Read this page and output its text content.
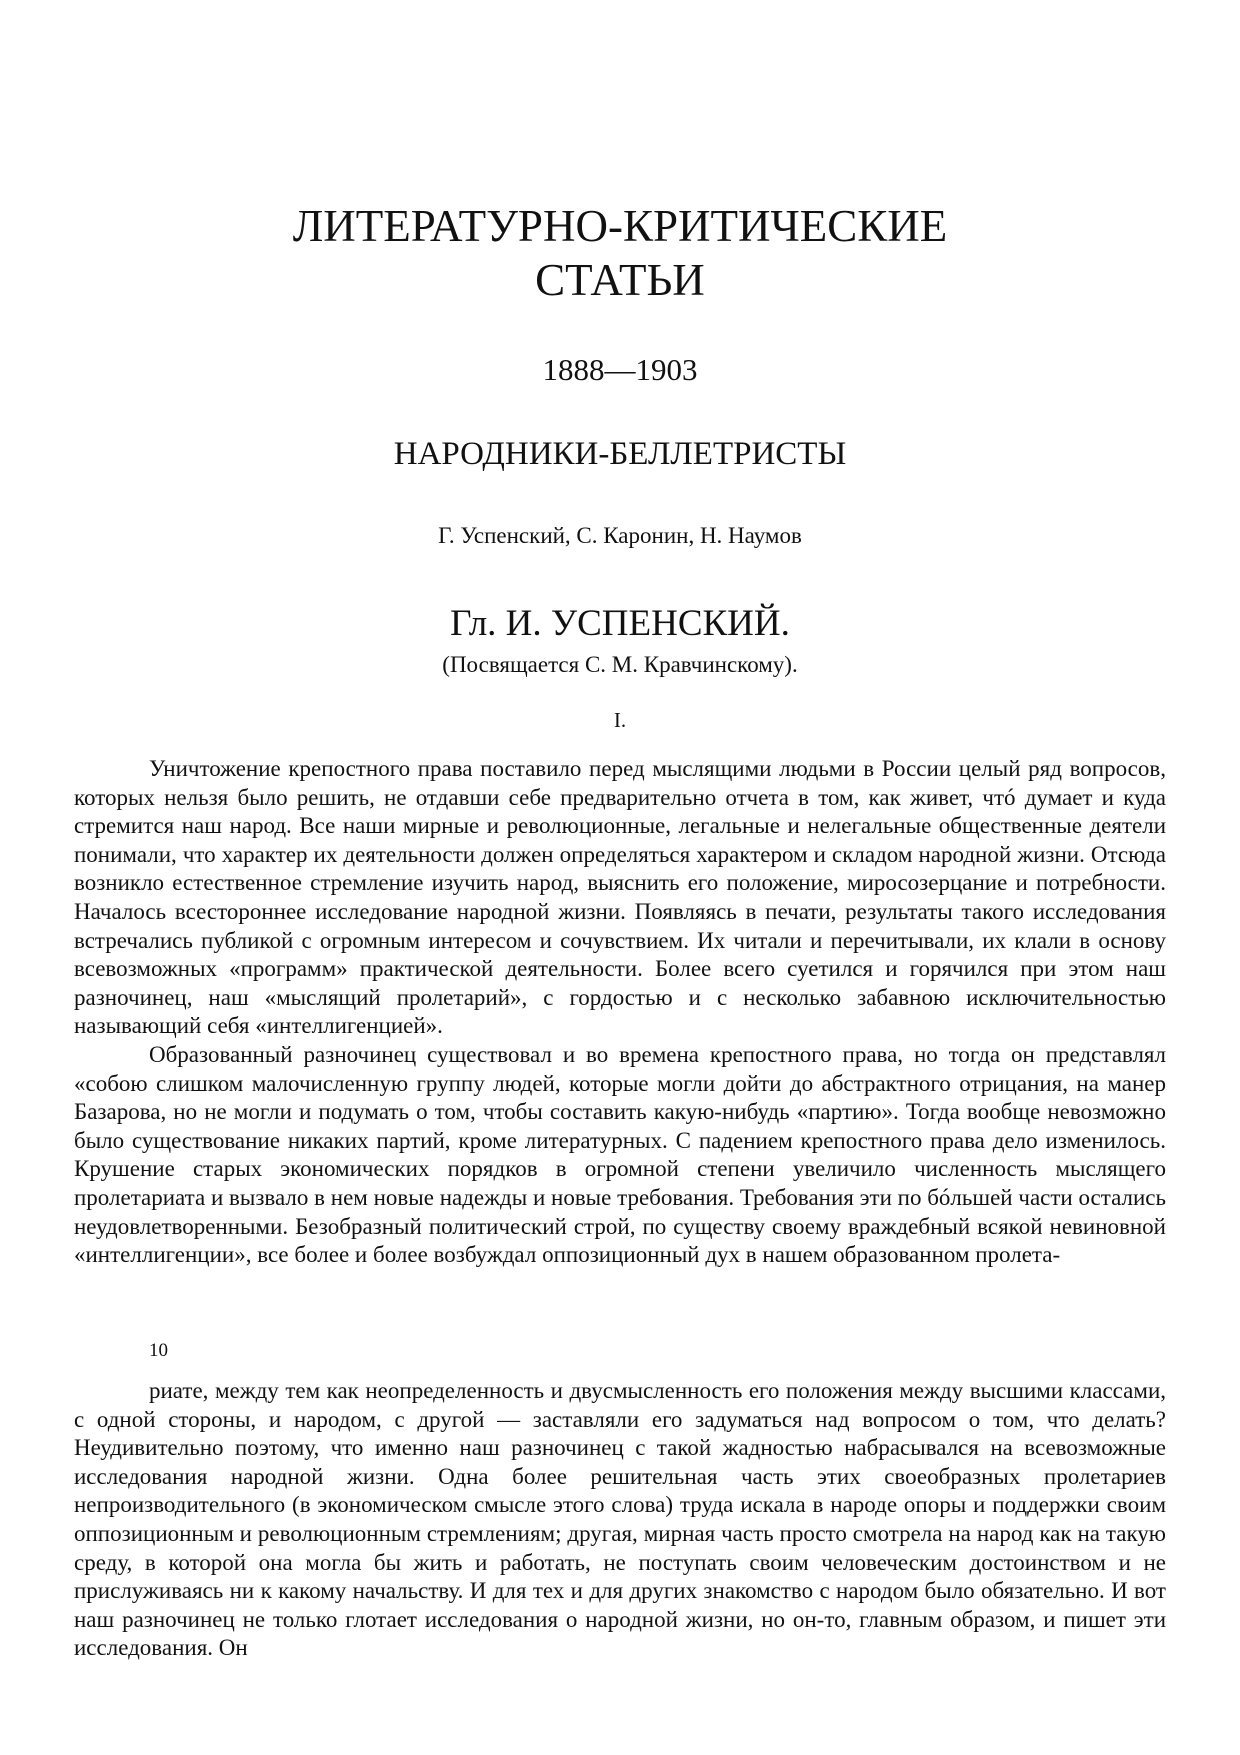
ЛИТЕРАТУРНО-КРИТИЧЕСКИЕ
СТАТЬИ
1888—1903
НАРОДНИКИ-БЕЛЛЕТРИСТЫ
Г. Успенский, С. Каронин, Н. Наумов
Гл. И. УСПЕНСКИЙ.
(Посвящается С. М. Кравчинскому).
I.

Уничтожение крепостного права поставило перед мыслящими людьми в России целый ряд вопросов, которых нельзя было решить, не отдавши себе предварительно отчета в том, как живет, чтó думает и куда стремится наш народ. Все наши мирные и революционные, легальные и нелегальные общественные деятели понимали, что характер их деятельности должен определяться характером и складом народной жизни. Отсюда возникло естественное стремление изучить народ, выяснить его положение, миросозерцание и потребности. Началось всестороннее исследование народной жизни. Появляясь в печати, результаты такого исследования встречались публикой с огромным интересом и сочувствием. Их читали и перечитывали, их клали в основу всевозможных «программ» практической деятельности. Более всего суетился и горячился при этом наш разночинец, наш «мыслящий пролетарий», с гордостью и с несколько забавною исключительностью называющий себя «интеллигенцией».

Образованный разночинец существовал и во времена крепостного права, но тогда он представлял «собою слишком малочисленную группу людей, которые могли дойти до абстрактного отрицания, на манер Базарова, но не могли и подумать о том, чтобы составить какую-нибудь «партию». Тогда вообще невозможно было существование никаких партий, кроме литературных. С падением крепостного права дело изменилось. Крушение старых экономических порядков в огромной степени увеличило численность мыслящего пролетариата и вызвало в нем новые надежды и новые требования. Требования эти по бóльшей части остались неудовлетворенными. Безобразный политический строй, по существу своему враждебный всякой невиновной «интеллигенции», все более и более возбуждал оппозиционный дух в нашем образованном пролета-

10

риате, между тем как неопределенность и двусмысленность его положения между высшими классами, с одной стороны, и народом, с другой — заставляли его задуматься над вопросом о том, что делать? Неудивительно поэтому, что именно наш разночинец с такой жадностью набрасывался на всевозможные исследования народной жизни. Одна более решительная часть этих своеобразных пролетариев непроизводительного (в экономическом смысле этого слова) труда искала в народе опоры и поддержки своим оппозиционным и революционным стремлениям; другая, мирная часть просто смотрела на народ как на такую среду, в которой она могла бы жить и работать, не поступать своим человеческим достоинством и не прислуживаясь ни к какому начальству. И для тех и для других знакомство с народом было обязательно. И вот наш разночинец не только глотает исследования о народной жизни, но он-то, главным образом, и пишет эти исследования. Он
